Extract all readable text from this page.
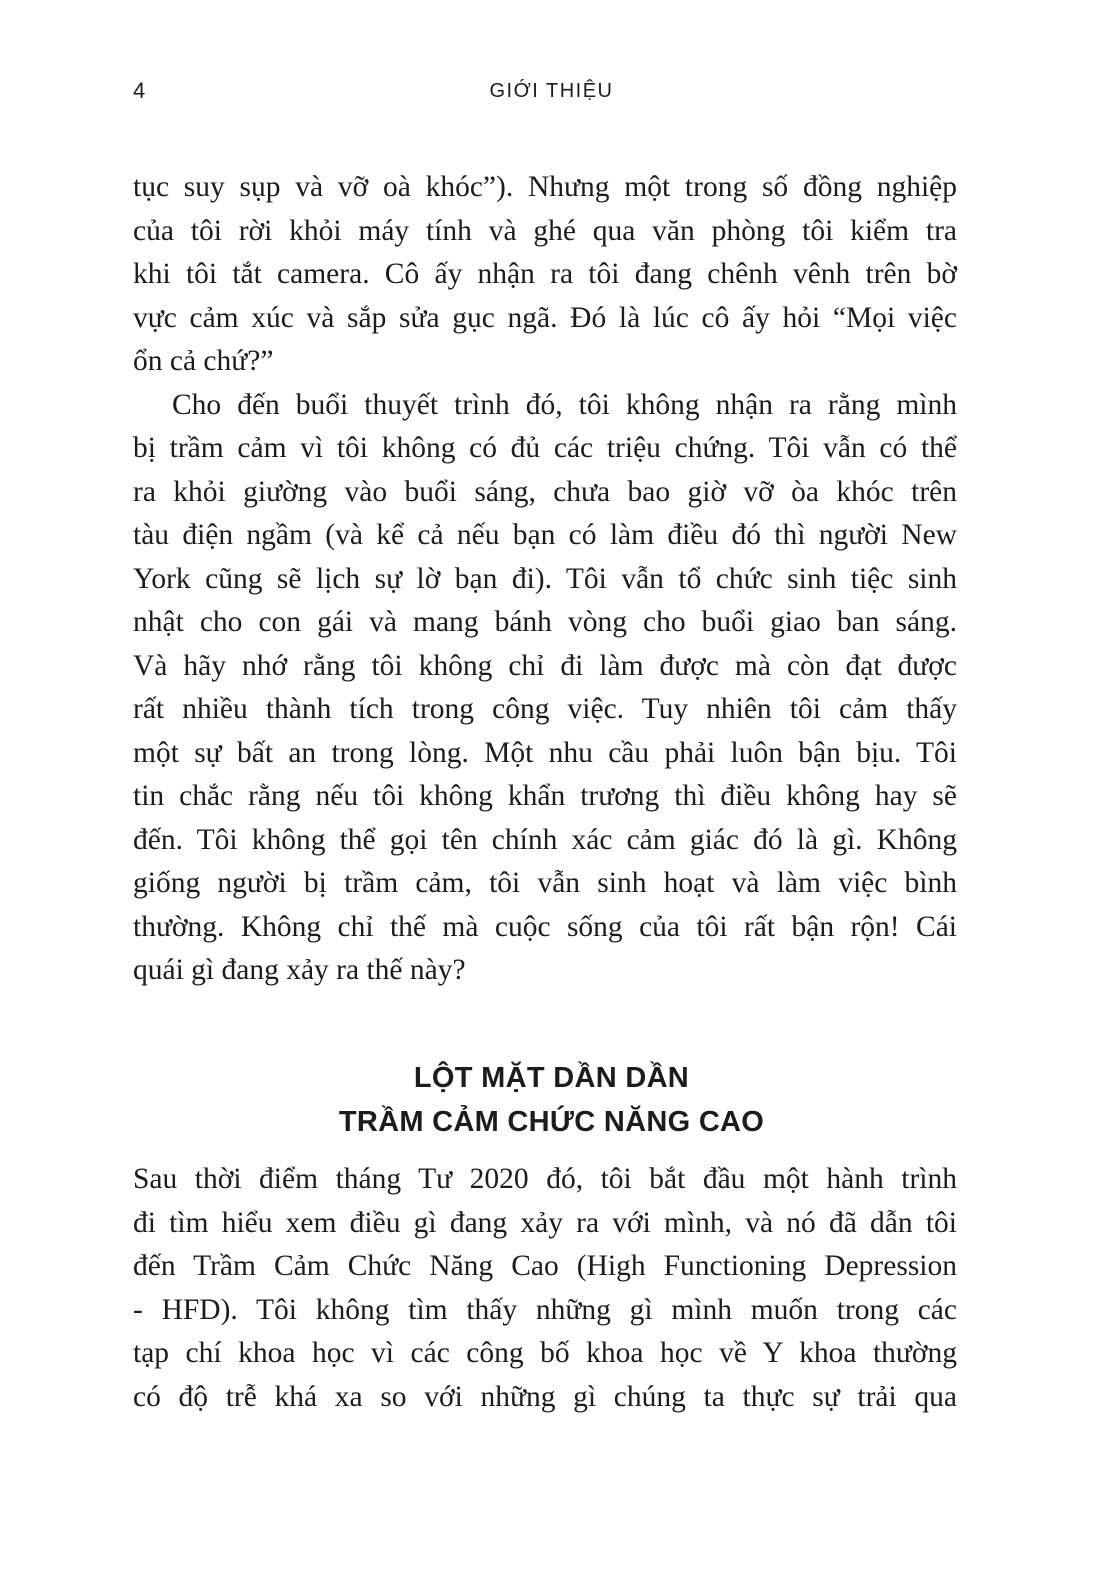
4	GIỚI THIỆU
tục suy sụp và vỡ oà khóc”). Nhưng một trong số đồng nghiệp
của tôi rời khỏi máy tính và ghé qua văn phòng tôi kiểm tra
khi tôi tắt camera. Cô ấy nhận ra tôi đang chênh vênh trên bờ
vực cảm xúc và sắp sửa gục ngã. Đó là lúc cô ấy hỏi “Mọi việc
ổn cả chứ?”
Cho đến buổi thuyết trình đó, tôi không nhận ra rằng mình
bị trầm cảm vì tôi không có đủ các triệu chứng. Tôi vẫn có thể
ra khỏi giường vào buổi sáng, chưa bao giờ vỡ òa khóc trên
tàu điện ngầm (và kể cả nếu bạn có làm điều đó thì người New
York cũng sẽ lịch sự lờ bạn đi). Tôi vẫn tổ chức sinh tiệc sinh
nhật cho con gái và mang bánh vòng cho buổi giao ban sáng.
Và hãy nhớ rằng tôi không chỉ đi làm được mà còn đạt được
rất nhiều thành tích trong công việc. Tuy nhiên tôi cảm thấy
một sự bất an trong lòng. Một nhu cầu phải luôn bận bịu. Tôi
tin chắc rằng nếu tôi không khẩn trương thì điều không hay sẽ
đến. Tôi không thể gọi tên chính xác cảm giác đó là gì. Không
giống người bị trầm cảm, tôi vẫn sinh hoạt và làm việc bình
thường. Không chỉ thế mà cuộc sống của tôi rất bận rộn! Cái
quái gì đang xảy ra thế này?
LỘT MẶT DẦN DẦN
TRẦM CẢM CHỨC NĂNG CAO
Sau thời điểm tháng Tư 2020 đó, tôi bắt đầu một hành trình
đi tìm hiểu xem điều gì đang xảy ra với mình, và nó đã dẫn tôi
đến Trầm Cảm Chức Năng Cao (High Functioning Depression
- HFD). Tôi không tìm thấy những gì mình muốn trong các
tạp chí khoa học vì các công bố khoa học về Y khoa thường
có độ trễ khá xa so với những gì chúng ta thực sự trải qua
